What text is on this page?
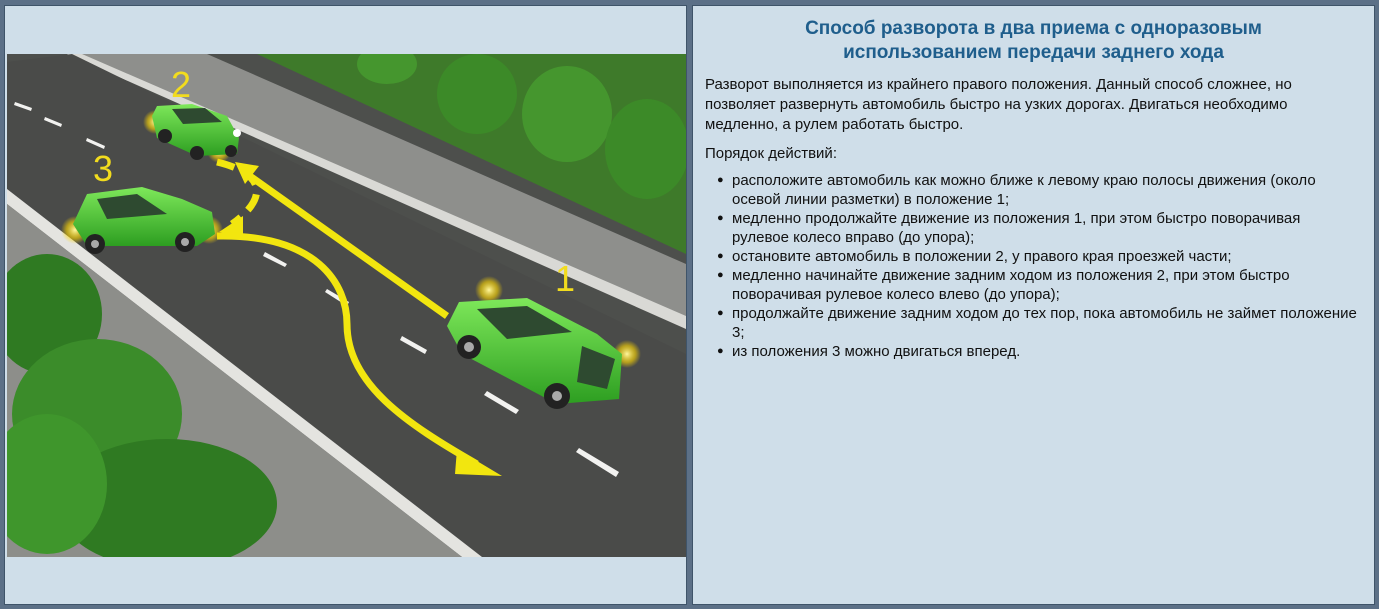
2
3
1
Способ разворота в два приема с одноразовым
использованием передачи заднего хода

Разворот выполняется из крайнего правого положения. Данный способ сложнее, но позволяет развернуть автомобиль быстро на узких дорогах. Двигаться необходимо медленно, а рулем работать быстро.

Порядок действий:

● расположите автомобиль как можно ближе к левому краю полосы движения (около осевой линии разметки) в положение 1;
● медленно продолжайте движение из положения 1, при этом быстро поворачивая рулевое колесо вправо (до упора);
● остановите автомобиль в положении 2, у правого края проезжей части;
● медленно начинайте движение задним ходом из положения 2, при этом быстро поворачивая рулевое колесо влево (до упора);
● продолжайте движение задним ходом до тех пор, пока автомобиль не займет положение 3;
● из положения 3 можно двигаться вперед.
